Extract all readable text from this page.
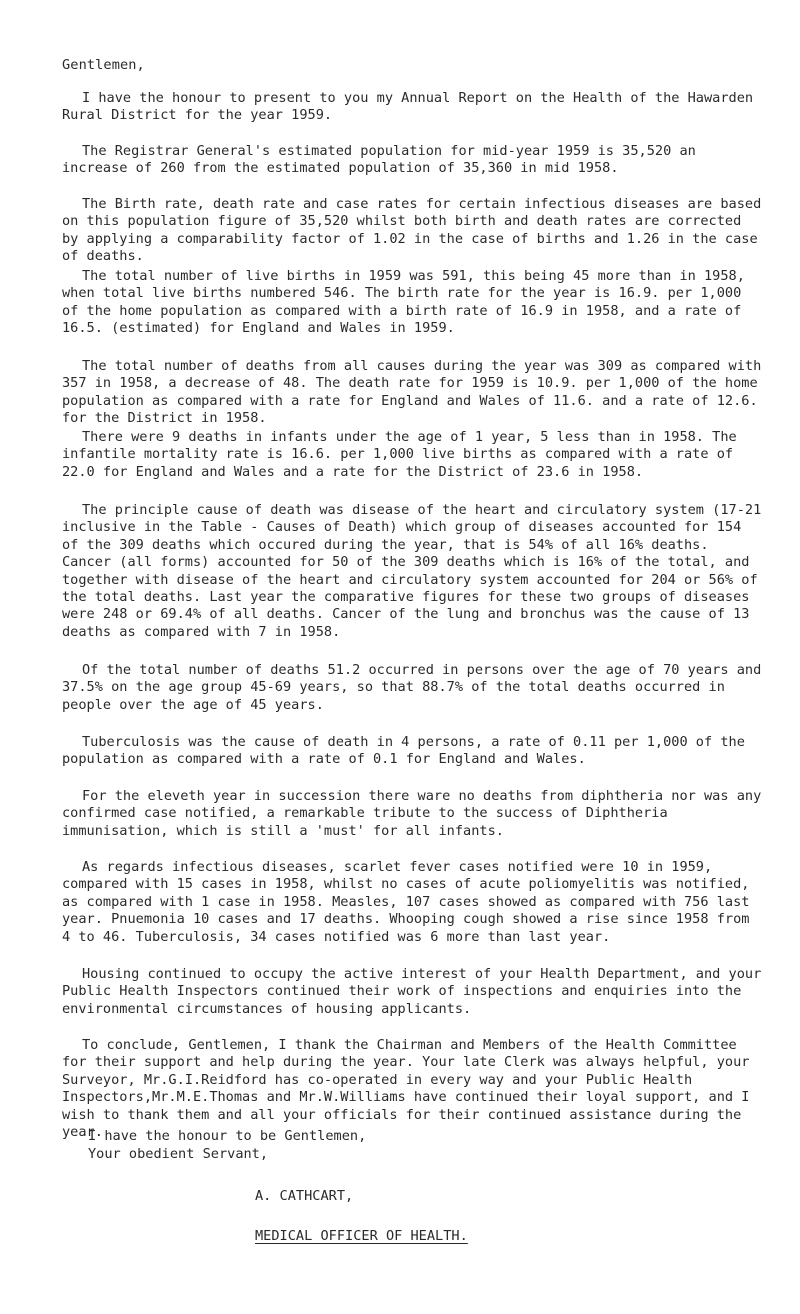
Gentlemen,

I have the honour to present to you my Annual Report on the Health of the Hawarden Rural District for the year 1959.

The Registrar General's estimated population for mid-year 1959 is 35,520 an increase of 260 from the estimated population of 35,360 in mid 1958.

The Birth rate, death rate and case rates for certain infectious diseases are based on this population figure of 35,520 whilst both birth and death rates are corrected by applying a comparability factor of 1.02 in the case of births and 1.26 in the case of deaths.

The total number of live births in 1959 was 591, this being 45 more than in 1958, when total live births numbered 546. The birth rate for the year is 16.9. per 1,000 of the home population as compared with a birth rate of 16.9 in 1958, and a rate of 16.5. (estimated) for England and Wales in 1959.

The total number of deaths from all causes during the year was 309 as compared with 357 in 1958, a decrease of 48. The death rate for 1959 is 10.9. per 1,000 of the home population as compared with a rate for England and Wales of 11.6. and a rate of 12.6. for the District in 1958.

There were 9 deaths in infants under the age of 1 year, 5 less than in 1958. The infantile mortality rate is 16.6. per 1,000 live births as compared with a rate of 22.0 for England and Wales and a rate for the District of 23.6 in 1958.

The principle cause of death was disease of the heart and circulatory system (17-21 inclusive in the Table - Causes of Death) which group of diseases accounted for 154 of the 309 deaths which occured during the year, that is 54% of all 16% deaths. Cancer (all forms) accounted for 50 of the 309 deaths which is 16% of the total, and together with disease of the heart and circulatory system accounted for 204 or 56% of the total deaths. Last year the comparative figures for these two groups of diseases were 248 or 69.4% of all deaths. Cancer of the lung and bronchus was the cause of 13 deaths as compared with 7 in 1958.

Of the total number of deaths 51.2 occurred in persons over the age of 70 years and 37.5% on the age group 45-69 years, so that 88.7% of the total deaths occurred in people over the age of 45 years.

Tuberculosis was the cause of death in 4 persons, a rate of 0.11 per 1,000 of the population as compared with a rate of 0.1 for England and Wales.

For the eleveth year in succession there ware no deaths from diphtheria nor was any confirmed case notified, a remarkable tribute to the success of Diphtheria immunisation, which is still a 'must' for all infants.

As regards infectious diseases, scarlet fever cases notified were 10 in 1959, compared with 15 cases in 1958, whilst no cases of acute poliomyelitis was notified, as compared with 1 case in 1958. Measles, 107 cases showed as compared with 756 last year. Pnuemonia 10 cases and 17 deaths. Whooping cough showed a rise since 1958 from 4 to 46. Tuberculosis, 34 cases notified was 6 more than last year.

Housing continued to occupy the active interest of your Health Department, and your Public Health Inspectors continued their work of inspections and enquiries into the environmental circumstances of housing applicants.

To conclude, Gentlemen, I thank the Chairman and Members of the Health Committee for their support and help during the year. Your late Clerk was always helpful, your Surveyor, Mr.G.I.Reidford has co-operated in every way and your Public Health Inspectors,Mr.M.E.Thomas and Mr.W.Williams have continued their loyal support, and I wish to thank them and all your officials for their continued assistance during the year.

I have the honour to be Gentlemen,
Your obedient Servant,
A. CATHCART,
MEDICAL OFFICER OF HEALTH.
